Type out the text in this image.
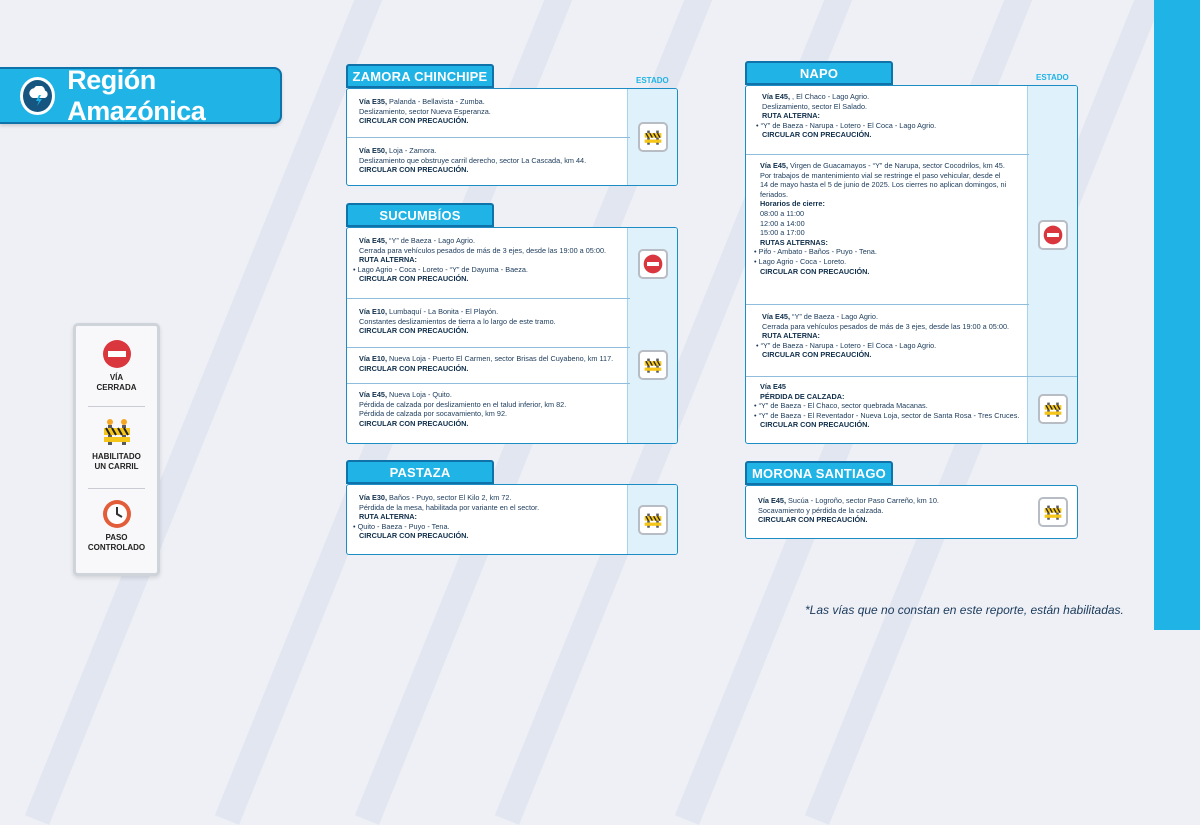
Región Amazónica
VÍA
CERRADA
HABILITADO
UN CARRIL
PASO
CONTROLADO
ZAMORA CHINCHIPE	ESTADO
Vía E35, Palanda - Bellavista - Zumba.
Deslizamiento, sector Nueva Esperanza.
CIRCULAR CON PRECAUCIÓN.
Vía E50, Loja - Zamora.
Deslizamiento que obstruye carril derecho, sector La Cascada, km 44.
CIRCULAR CON PRECAUCIÓN.
SUCUMBÍOS
Vía E45, “Y” de Baeza - Lago Agrio.
Cerrada para vehículos pesados de más de 3 ejes, desde las 19:00 a 05:00.
RUTA ALTERNA:
• Lago Agrio - Coca - Loreto - “Y” de Dayuma - Baeza.
CIRCULAR CON PRECAUCIÓN.
Vía E10, Lumbaquí - La Bonita - El Playón.
Constantes deslizamientos de tierra a lo largo de este tramo.
CIRCULAR CON PRECAUCIÓN.
Vía E10, Nueva Loja - Puerto El Carmen, sector Brisas del Cuyabeno, km 117.
CIRCULAR CON PRECAUCIÓN.
Vía E45, Nueva Loja - Quito.
Pérdida de calzada por deslizamiento en el talud inferior, km 82.
Pérdida de calzada por socavamiento, km 92.
CIRCULAR CON PRECAUCIÓN.
PASTAZA
Vía E30, Baños - Puyo, sector El Kilo 2, km 72.
Pérdida de la mesa, habilitada por variante en el sector.
RUTA ALTERNA:
• Quito - Baeza - Puyo - Tena.
CIRCULAR CON PRECAUCIÓN.
NAPO	ESTADO
Vía E45, , El Chaco - Lago Agrio.
Deslizamiento, sector El Salado.
RUTA ALTERNA:
• “Y” de Baeza - Narupa - Lotero - El Coca - Lago Agrio.
CIRCULAR CON PRECAUCIÓN.
Vía E45, Virgen de Guacamayos - “Y” de Narupa, sector Cocodrilos, km 45.
Por trabajos de mantenimiento vial se restringe el paso vehicular, desde el
14 de mayo hasta el 5 de junio de 2025. Los cierres no aplican domingos, ni
feriados.
Horarios de cierre:
08:00 a 11:00
12:00 a 14:00
15:00 a 17:00
RUTAS ALTERNAS:
• Pifo - Ambato - Baños - Puyo - Tena.
• Lago Agrio - Coca - Loreto.
CIRCULAR CON PRECAUCIÓN.
Vía E45, “Y” de Baeza - Lago Agrio.
Cerrada para vehículos pesados de más de 3 ejes, desde las 19:00 a 05:00.
RUTA ALTERNA:
• “Y” de Baeza - Narupa - Lotero - El Coca - Lago Agrio.
CIRCULAR CON PRECAUCIÓN.
Vía E45
PÉRDIDA DE CALZADA:
• “Y” de Baeza - El Chaco, sector quebrada Macanas.
• “Y” de Baeza - El Reventador - Nueva Loja, sector de Santa Rosa - Tres Cruces.
CIRCULAR CON PRECAUCIÓN.
MORONA SANTIAGO
Vía E45, Sucúa - Logroño, sector Paso Carreño, km 10.
Socavamiento y pérdida de la calzada.
CIRCULAR CON PRECAUCIÓN.
*Las vías que no constan en este reporte, están habilitadas.
